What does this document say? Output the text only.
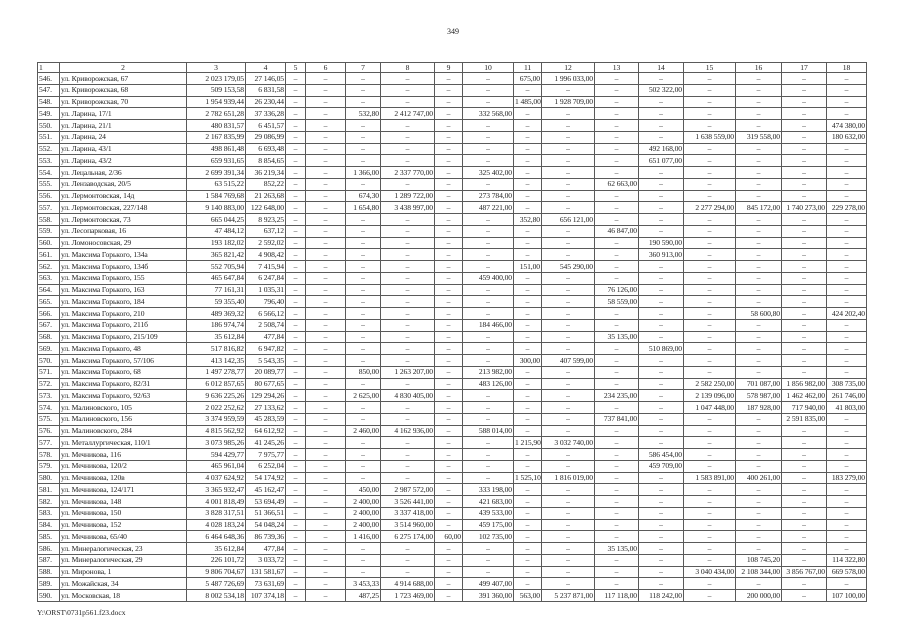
349
1	2	3	4	5	6	7	8	9	10	11	12	13	14	15	16	17	18
546.	ул. Криворожская, 67	2 023 179,05	27 146,05	–	–	–	–	–	–	675,00	1 996 033,00	–	–	–	–	–	–
547.	ул. Криворожская, 68	509 153,58	6 831,58	–	–	–	–	–	–	–	–	–	502 322,00	–	–	–	–
548.	ул. Криворожская, 70	1 954 939,44	26 230,44	–	–	–	–	–	–	1 485,00	1 928 709,00	–	–	–	–	–	–
549.	ул. Ларина, 17/1	2 782 651,28	37 336,28	–	–	532,80	2 412 747,00	–	332 568,00	–	–	–	–	–	–	–	–
550.	ул. Ларина, 21/1	480 831,57	6 451,57	–	–	–	–	–	–	–	–	–	–	–	–	–	474 380,00
551.	ул. Ларина, 24	2 167 835,99	29 086,99	–	–	–	–	–	–	–	–	–	–	1 638 559,00	319 558,00	–	180 632,00
552.	ул. Ларина, 43/1	498 861,48	6 693,48	–	–	–	–	–	–	–	–	–	492 168,00	–	–	–	–
553.	ул. Ларина, 43/2	659 931,65	8 854,65	–	–	–	–	–	–	–	–	–	651 077,00	–	–	–	–
554.	ул. Лецальная, 2/36	2 699 391,34	36 219,34	–	–	1 366,00	2 337 770,00	–	325 402,00	–	–	–	–	–	–	–	–
555.	ул. Лензаводская, 20/5	63 515,22	852,22	–	–	–	–	–	–	–	–	62 663,00	–	–	–	–	–
556.	ул. Лермонтовская, 14д	1 584 769,68	21 263,68	–	–	674,30	1 289 722,00	–	273 784,00	–	–	–	–	–	–	–	–
557.	ул. Лермонтовская, 227/148	9 140 883,00	122 648,00	–	–	1 654,80	3 438 997,00	–	487 221,00	–	–	–	–	2 277 294,00	845 172,00	1 740 273,00	229 278,00
558.	ул. Лермонтовская, 73	665 044,25	8 923,25	–	–	–	–	–	–	352,80	656 121,00	–	–	–	–	–	–
559.	ул. Лесопарковая, 16	47 484,12	637,12	–	–	–	–	–	–	–	–	46 847,00	–	–	–	–	–
560.	ул. Ломоносовская, 29	193 182,02	2 592,02	–	–	–	–	–	–	–	–	–	190 590,00	–	–	–	–
561.	ул. Максима Горького, 134а	365 821,42	4 908,42	–	–	–	–	–	–	–	–	–	360 913,00	–	–	–	–
562.	ул. Максима Горького, 134б	552 705,94	7 415,94	–	–	–	–	–	–	151,00	545 290,00	–	–	–	–	–	–
563.	ул. Максима Горького, 155	465 647,84	6 247,84	–	–	–	–	–	459 400,00	–	–	–	–	–	–	–	–
564.	ул. Максима Горького, 163	77 161,31	1 035,31	–	–	–	–	–	–	–	–	76 126,00	–	–	–	–	–
565.	ул. Максима Горького, 184	59 355,40	796,40	–	–	–	–	–	–	–	–	58 559,00	–	–	–	–	–
566.	ул. Максима Горького, 210	489 369,32	6 566,12	–	–	–	–	–	–	–	–	–	–	–	58 600,80	–	424 202,40
567.	ул. Максима Горького, 211б	186 974,74	2 508,74	–	–	–	–	–	184 466,00	–	–	–	–	–	–	–	–
568.	ул. Максима Горького, 215/109	35 612,84	477,84	–	–	–	–	–	–	–	–	35 135,00	–	–	–	–	–
569.	ул. Максима Горького, 48	517 816,82	6 947,82	–	–	–	–	–	–	–	–	–	510 869,00	–	–	–	–
570.	ул. Максима Горького, 57/106	413 142,35	5 543,35	–	–	–	–	–	–	300,00	407 599,00	–	–	–	–	–	–
571.	ул. Максима Горького, 68	1 497 278,77	20 089,77	–	–	850,00	1 263 207,00	–	213 982,00	–	–	–	–	–	–	–	–
572.	ул. Максима Горького, 82/31	6 012 857,65	80 677,65	–	–	–	–	–	483 126,00	–	–	–	–	2 582 250,00	701 087,00	1 856 982,00	308 735,00
573.	ул. Максима Горького, 92/63	9 636 225,26	129 294,26	–	–	2 625,00	4 830 405,00	–	–	–	–	234 235,00	–	2 139 096,00	578 987,00	1 462 462,00	261 746,00
574.	ул. Малиновского, 105	2 022 252,62	27 133,62	–	–	–	–	–	–	–	–	–	–	1 047 448,00	187 928,00	717 940,00	41 803,00
575.	ул. Малиновского, 156	3 374 959,59	45 283,59	–	–	–	–	–	–	–	–	737 841,00	–	–	–	2 591 835,00	–
576.	ул. Малиновского, 284	4 815 562,92	64 612,92	–	–	2 460,00	4 162 936,00	–	588 014,00	–	–	–	–	–	–	–	–
577.	ул. Металлургическая, 110/1	3 073 985,26	41 245,26	–	–	–	–	–	–	1 215,90	3 032 740,00	–	–	–	–	–	–
578.	ул. Мечникова, 116	594 429,77	7 975,77	–	–	–	–	–	–	–	–	–	586 454,00	–	–	–	–
579.	ул. Мечникова, 120/2	465 961,04	6 252,04	–	–	–	–	–	–	–	–	–	459 709,00	–	–	–	–
580.	ул. Мечникова, 120в	4 037 624,92	54 174,92	–	–	–	–	–	–	1 525,10	1 816 019,00	–	–	1 583 891,00	400 261,00	–	183 279,00
581.	ул. Мечникова, 124/171	3 365 932,47	45 162,47	–	–	450,00	2 987 572,00	–	333 198,00	–	–	–	–	–	–	–	–
582.	ул. Мечникова, 148	4 001 818,49	53 694,49	–	–	2 400,00	3 526 441,00	–	421 683,00	–	–	–	–	–	–	–	–
583.	ул. Мечникова, 150	3 828 317,51	51 366,51	–	–	2 400,00	3 337 418,00	–	439 533,00	–	–	–	–	–	–	–	–
584.	ул. Мечникова, 152	4 028 183,24	54 048,24	–	–	2 400,00	3 514 960,00	–	459 175,00	–	–	–	–	–	–	–	–
585.	ул. Мечникова, 65/40	6 464 648,36	86 739,36	–	–	1 416,00	6 275 174,00	60,00	102 735,00	–	–	–	–	–	–	–	–
586.	ул. Минералогическая, 23	35 612,84	477,84	–	–	–	–	–	–	–	–	35 135,00	–	–	–	–	–
587.	ул. Минералогическая, 29	226 101,72	3 033,72	–	–	–	–	–	–	–	–	–	–	–	108 745,20	–	114 322,80
588.	ул. Миронова, 1	9 806 704,67	131 581,67	–	–	–	–	–	–	–	–	–	–	3 040 434,00	2 108 344,00	3 856 767,00	669 578,00
589.	ул. Можайская, 34	5 487 726,69	73 631,69	–	–	3 453,33	4 914 688,00	–	499 407,00	–	–	–	–	–	–	–	–
590.	ул. Московская, 18	8 002 534,18	107 374,18	–	–	487,25	1 723 469,00	–	391 360,00	563,00	5 237 871,00	117 118,00	118 242,00	–	200 000,00	–	107 100,00
Y:\ORST\0731p561.f23.docx
